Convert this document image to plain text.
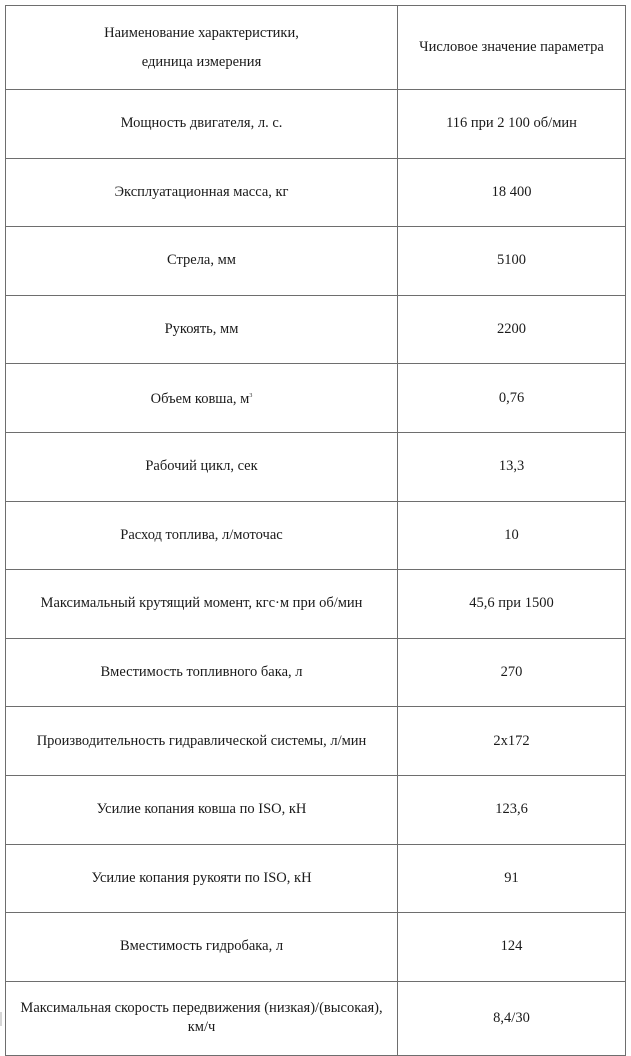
Наименование характеристики,
единица измерения	Числовое значение параметра
Мощность двигателя, л. с.	116 при 2 100 об/мин
Эксплуатационная масса, кг	18 400
Стрела, мм	5100
Рукоять, мм	2200
Объем ковша, $м^3$	0,76
Рабочий цикл, сек	13,3
Расход топлива, л/моточас	10
Максимальный крутящий момент, кгс·м при об/мин	45,6 при 1500
Вместимость топливного бака, л	270
Производительность гидравлической системы, л/мин	2х172
Усилие копания ковша по ISO, кН	123,6
Усилие копания рукояти по ISO, кН	91
Вместимость гидробака, л	124
Максимальная скорость передвижения (низкая)/(высокая), км/ч	8,4/30
